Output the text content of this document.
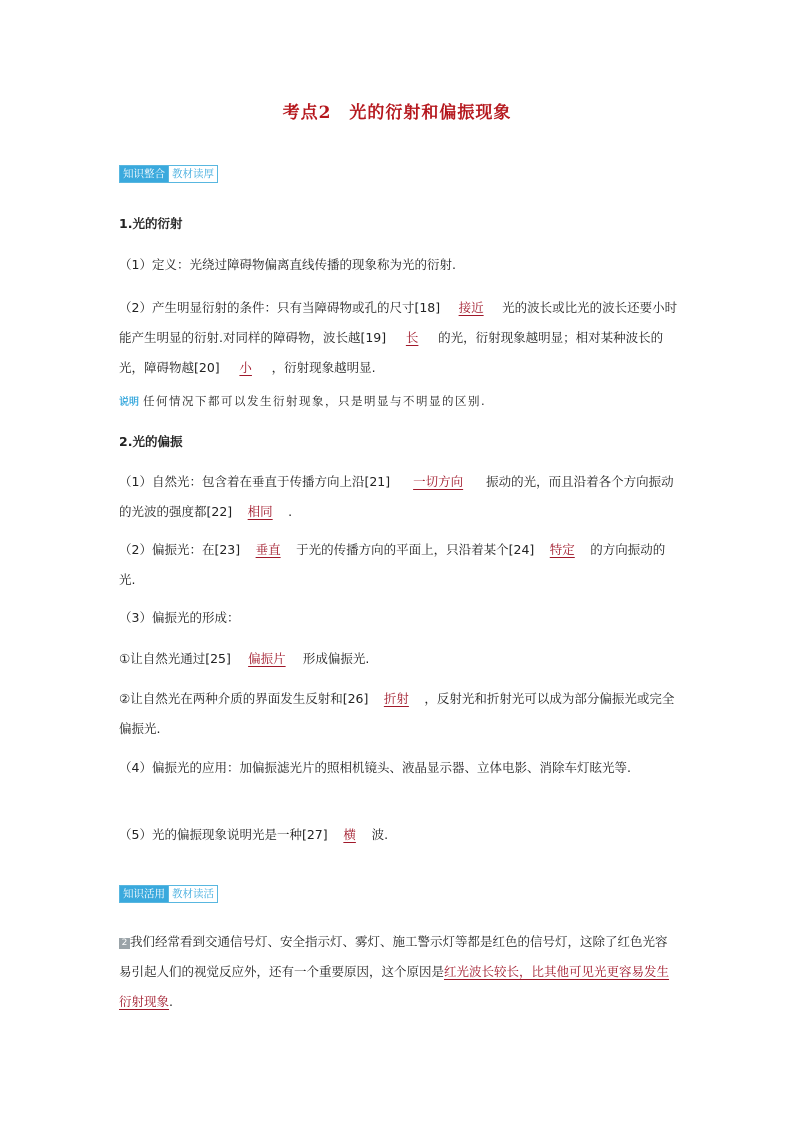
考点2　光的衍射和偏振现象
知识整合 教材读厚
1.光的衍射
（1）定义：光绕过障碍物偏离直线传播的现象称为光的衍射.
（2）产生明显衍射的条件：只有当障碍物或孔的尺寸[18] 接近 光的波长或比光的波长还要小时能产生明显的衍射.对同样的障碍物，波长越[19] 长 的光，衍射现象越明显；相对某种波长的光，障碍物越[20] 小 ，衍射现象越明显.
说明 任何情况下都可以发生衍射现象，只是明显与不明显的区别.
2.光的偏振
（1）自然光：包含着在垂直于传播方向上沿[21] 一切方向 振动的光，而且沿着各个方向振动的光波的强度都[22] 相同 .
（2）偏振光：在[23] 垂直 于光的传播方向的平面上，只沿着某个[24] 特定 的方向振动的光.
（3）偏振光的形成：
①让自然光通过[25] 偏振片 形成偏振光.
②让自然光在两种介质的界面发生反射和[26] 折射 ，反射光和折射光可以成为部分偏振光或完全偏振光.
（4）偏振光的应用：加偏振滤光片的照相机镜头、液晶显示器、立体电影、消除车灯眩光等.
（5）光的偏振现象说明光是一种[27] 横 波.
知识活用 教材读活
2 我们经常看到交通信号灯、安全指示灯、雾灯、施工警示灯等都是红色的信号灯，这除了红色光容易引起人们的视觉反应外，还有一个重要原因，这个原因是红光波长较长，比其他可见光更容易发生衍射现象.
